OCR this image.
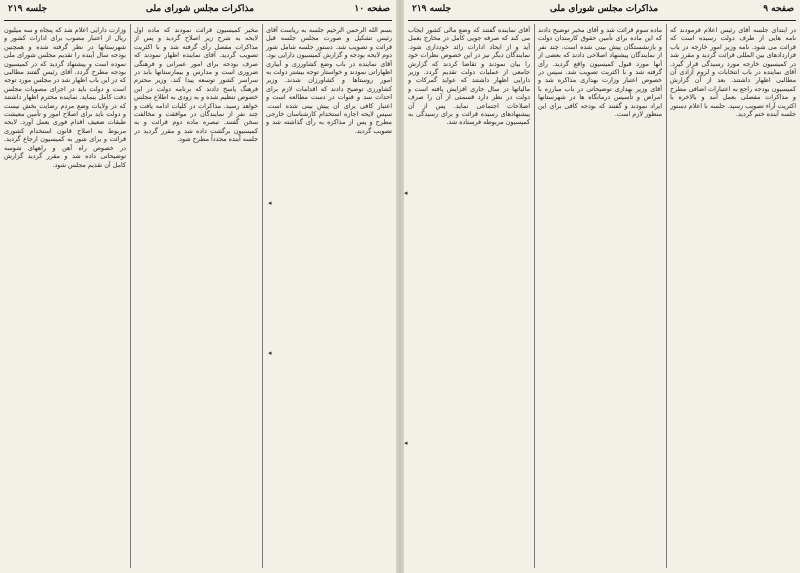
جلسه ۲۱۹	مذاکرات مجلس شورای ملی	صفحه ۱۰
وزارت دارایی اعلام شد که پنجاه و سه ميليون ريال از اعتبار مصوب برای ادارات کشور و شهرستانها در نظر گرفته شده و همچنین بودجه سال آینده را تقدیم مجلس شورای ملی نموده است و پیشنهاد گردید که در کمیسیون بودجه مطرح گردد. آقای رئیس گفتند مطالبی که در این باب اظهار شد در مجلس مورد توجه است و دولت باید در اجرای مصوبات مجلس دقت کامل بنماید. نماینده محترم اظهار داشتند که در ولایات وضع مردم رضایت بخش نیست و دولت باید برای اصلاح امور و تأمین معیشت طبقات ضعیف اقدام فوری بعمل آورد. لایحه مربوط به اصلاح قانون استخدام کشوری قرائت و برای شور به کمیسیون ارجاع گردید. در خصوص راه آهن و راههای شوسه توضیحاتی داده شد و مقرر گردید گزارش کامل آن تقدیم مجلس شود.
مخبر کمیسیون قرائت نمودند که ماده اول لایحه به شرح زیر اصلاح گردید و پس از مذاکرات مفصل رأی گرفته شد و با اکثریت تصویب گردید. آقای نماینده اظهار نمودند که صرف بودجه برای امور عمرانی و فرهنگی ضروری است و مدارس و بیمارستانها باید در سراسر کشور توسعه پیدا کند. وزیر محترم فرهنگ پاسخ دادند که برنامه دولت در این خصوص تنظیم شده و به زودی به اطلاع مجلس خواهد رسید. مذاکرات در کلیات ادامه یافت و چند نفر از نمایندگان در موافقت و مخالفت سخن گفتند. تبصره ماده دوم قرائت و به کمیسیون برگشت داده شد و مقرر گردید در جلسه آینده مجدداً مطرح شود.
بسم الله الرحمن الرحیم جلسه به ریاست آقای رئیس تشکیل و صورت مجلس جلسه قبل قرائت و تصویب شد. دستور جلسه شامل شور دوم لایحه بودجه و گزارش کمیسیون دارایی بود. آقای نماینده در باب وضع کشاورزی و آبیاری اظهاراتی نمودند و خواستار توجه بیشتر دولت به امور روستاها و کشاورزان شدند. وزیر کشاورزی توضیح دادند که اقدامات لازم برای احداث سد و قنوات در دست مطالعه است و اعتبار کافی برای آن پیش بینی شده است. سپس لایحه اجازه استخدام کارشناسان خارجی مطرح و پس از مذاکره به رأی گذاشته شد و تصویب گردید.
◂
◂
جلسه ۲۱۹	مذاکرات مجلس شورای ملی	صفحه ۹
آقای نماینده گفتند که وضع مالی کشور ایجاب می کند که صرفه جویی کامل در مخارج بعمل آید و از ایجاد ادارات زائد خودداری شود. نمایندگان دیگر نیز در این خصوص نظرات خود را بیان نمودند و تقاضا کردند که گزارش جامعی از عملیات دولت تقدیم گردد. وزیر دارایی اظهار داشتند که عواید گمرکات و مالیاتها در سال جاری افزایش یافته است و دولت در نظر دارد قسمتی از آن را صرف اصلاحات اجتماعی نماید. پس از آن پیشنهادهای رسیده قرائت و برای رسیدگی به کمیسیون مربوطه فرستاده شد.
ماده سوم قرائت شد و آقای مخبر توضیح دادند که این ماده برای تأمین حقوق کارمندان دولت و بازنشستگان پیش بینی شده است. چند نفر از نمایندگان پیشنهاد اصلاحی دادند که بعضی از آنها مورد قبول کمیسیون واقع گردید. رأی گرفته شد و با اکثریت تصویب شد. سپس در خصوص اعتبار وزارت بهداری مذاکره شد و آقای وزیر بهداری توضیحاتی در باب مبارزه با امراض و تأسیس درمانگاه ها در شهرستانها ایراد نمودند و گفتند که بودجه کافی برای این منظور لازم است.
در ابتدای جلسه آقای رئیس اعلام فرمودند که نامه هایی از طرف دولت رسیده است که قرائت می شود. نامه وزیر امور خارجه در باب قراردادهای بین المللی قرائت گردید و مقرر شد در کمیسیون خارجه مورد رسیدگی قرار گیرد. آقای نماینده در باب انتخابات و لزوم آزادی آن مطالبی اظهار داشتند. بعد از آن گزارش کمیسیون بودجه راجع به اعتبارات اضافی مطرح و مذاکرات مفصلی بعمل آمد و بالاخره با اکثریت آراء تصویب رسید. جلسه با اعلام دستور جلسه آینده ختم گردید.
◂
◂
